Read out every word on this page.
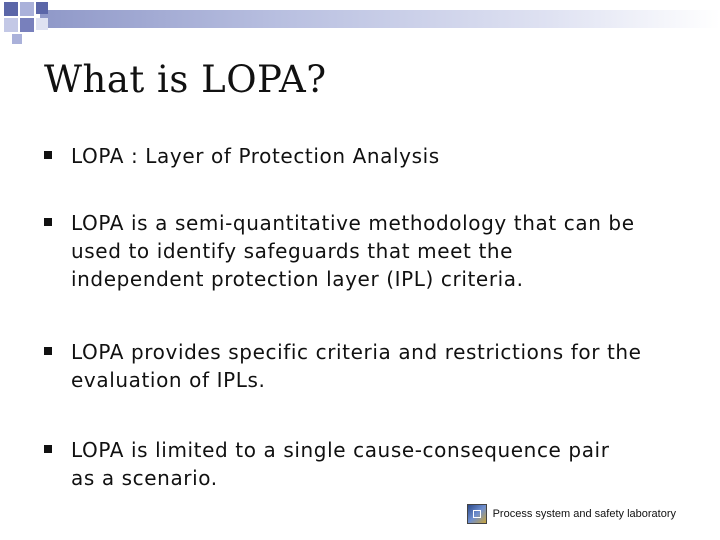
What is LOPA?
LOPA : Layer of Protection Analysis
LOPA is a semi-quantitative methodology that can be
used to identify safeguards that meet the
independent protection layer (IPL) criteria.
LOPA provides specific criteria and restrictions for the
evaluation of IPLs.
LOPA is limited to a single cause-consequence pair
as a scenario.
Process system and safety laboratory
